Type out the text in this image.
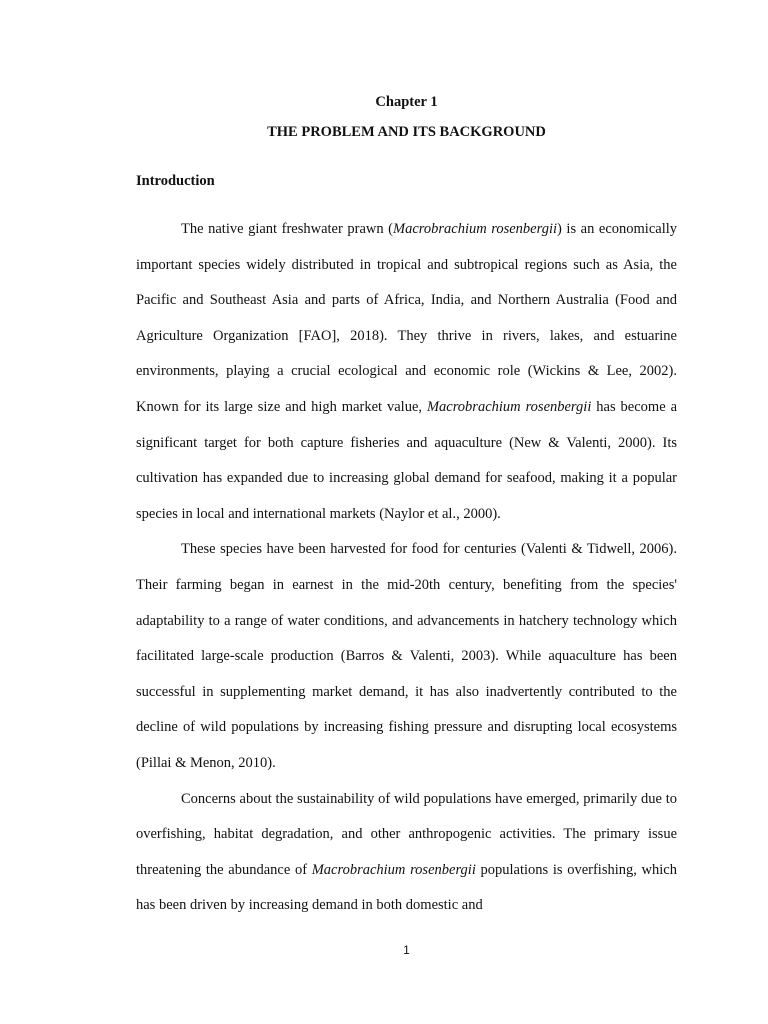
Chapter 1
THE PROBLEM AND ITS BACKGROUND
Introduction

The native giant freshwater prawn (Macrobrachium rosenbergii) is an economically important species widely distributed in tropical and subtropical regions such as Asia, the Pacific and Southeast Asia and parts of Africa, India, and Northern Australia (Food and Agriculture Organization [FAO], 2018). They thrive in rivers, lakes, and estuarine environments, playing a crucial ecological and economic role (Wickins & Lee, 2002). Known for its large size and high market value, Macrobrachium rosenbergii has become a significant target for both capture fisheries and aquaculture (New & Valenti, 2000). Its cultivation has expanded due to increasing global demand for seafood, making it a popular species in local and international markets (Naylor et al., 2000).

These species have been harvested for food for centuries (Valenti & Tidwell, 2006). Their farming began in earnest in the mid-20th century, benefiting from the species' adaptability to a range of water conditions, and advancements in hatchery technology which facilitated large-scale production (Barros & Valenti, 2003). While aquaculture has been successful in supplementing market demand, it has also inadvertently contributed to the decline of wild populations by increasing fishing pressure and disrupting local ecosystems (Pillai & Menon, 2010).

Concerns about the sustainability of wild populations have emerged, primarily due to overfishing, habitat degradation, and other anthropogenic activities. The primary issue threatening the abundance of Macrobrachium rosenbergii populations is overfishing, which has been driven by increasing demand in both domestic and

1
